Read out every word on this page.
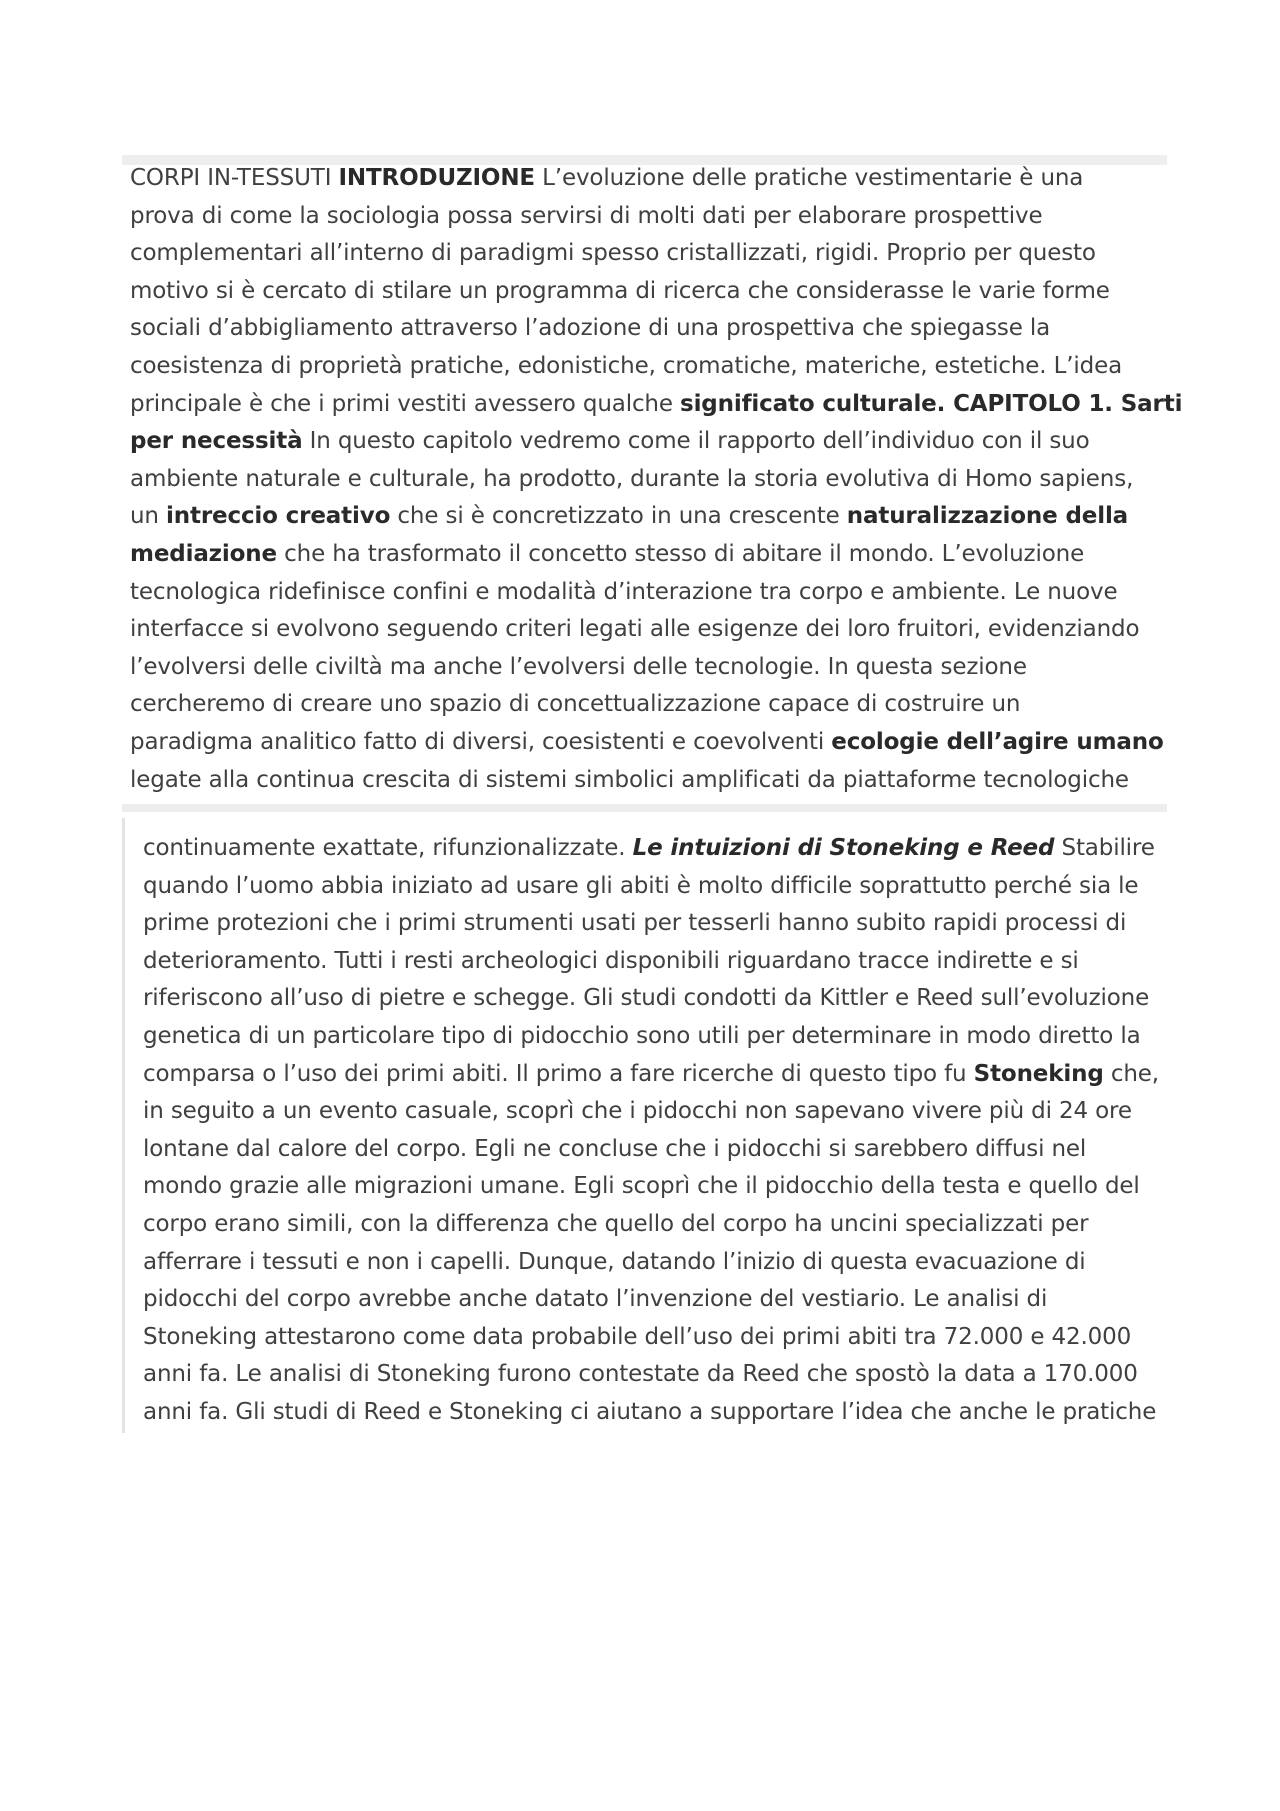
CORPI IN-TESSUTI INTRODUZIONE L’evoluzione delle pratiche vestimentarie è una
prova di come la sociologia possa servirsi di molti dati per elaborare prospettive
complementari all’interno di paradigmi spesso cristallizzati, rigidi. Proprio per questo
motivo si è cercato di stilare un programma di ricerca che considerasse le varie forme
sociali d’abbigliamento attraverso l’adozione di una prospettiva che spiegasse la
coesistenza di proprietà pratiche, edonistiche, cromatiche, materiche, estetiche. L’idea
principale è che i primi vestiti avessero qualche significato culturale. CAPITOLO 1. Sarti
per necessità In questo capitolo vedremo come il rapporto dell’individuo con il suo
ambiente naturale e culturale, ha prodotto, durante la storia evolutiva di Homo sapiens,
un intreccio creativo che si è concretizzato in una crescente naturalizzazione della
mediazione che ha trasformato il concetto stesso di abitare il mondo. L’evoluzione
tecnologica ridefinisce confini e modalità d’interazione tra corpo e ambiente. Le nuove
interfacce si evolvono seguendo criteri legati alle esigenze dei loro fruitori, evidenziando
l’evolversi delle civiltà ma anche l’evolversi delle tecnologie. In questa sezione
cercheremo di creare uno spazio di concettualizzazione capace di costruire un
paradigma analitico fatto di diversi, coesistenti e coevolventi ecologie dell’agire umano
legate alla continua crescita di sistemi simbolici amplificati da piattaforme tecnologiche
continuamente exattate, rifunzionalizzate. Le intuizioni di Stoneking e Reed Stabilire
quando l’uomo abbia iniziato ad usare gli abiti è molto difficile soprattutto perché sia le
prime protezioni che i primi strumenti usati per tesserli hanno subito rapidi processi di
deterioramento. Tutti i resti archeologici disponibili riguardano tracce indirette e si
riferiscono all’uso di pietre e schegge. Gli studi condotti da Kittler e Reed sull’evoluzione
genetica di un particolare tipo di pidocchio sono utili per determinare in modo diretto la
comparsa o l’uso dei primi abiti. Il primo a fare ricerche di questo tipo fu Stoneking che,
in seguito a un evento casuale, scoprì che i pidocchi non sapevano vivere più di 24 ore
lontane dal calore del corpo. Egli ne concluse che i pidocchi si sarebbero diffusi nel
mondo grazie alle migrazioni umane. Egli scoprì che il pidocchio della testa e quello del
corpo erano simili, con la differenza che quello del corpo ha uncini specializzati per
afferrare i tessuti e non i capelli. Dunque, datando l’inizio di questa evacuazione di
pidocchi del corpo avrebbe anche datato l’invenzione del vestiario. Le analisi di
Stoneking attestarono come data probabile dell’uso dei primi abiti tra 72.000 e 42.000
anni fa. Le analisi di Stoneking furono contestate da Reed che spostò la data a 170.000
anni fa. Gli studi di Reed e Stoneking ci aiutano a supportare l’idea che anche le pratiche
